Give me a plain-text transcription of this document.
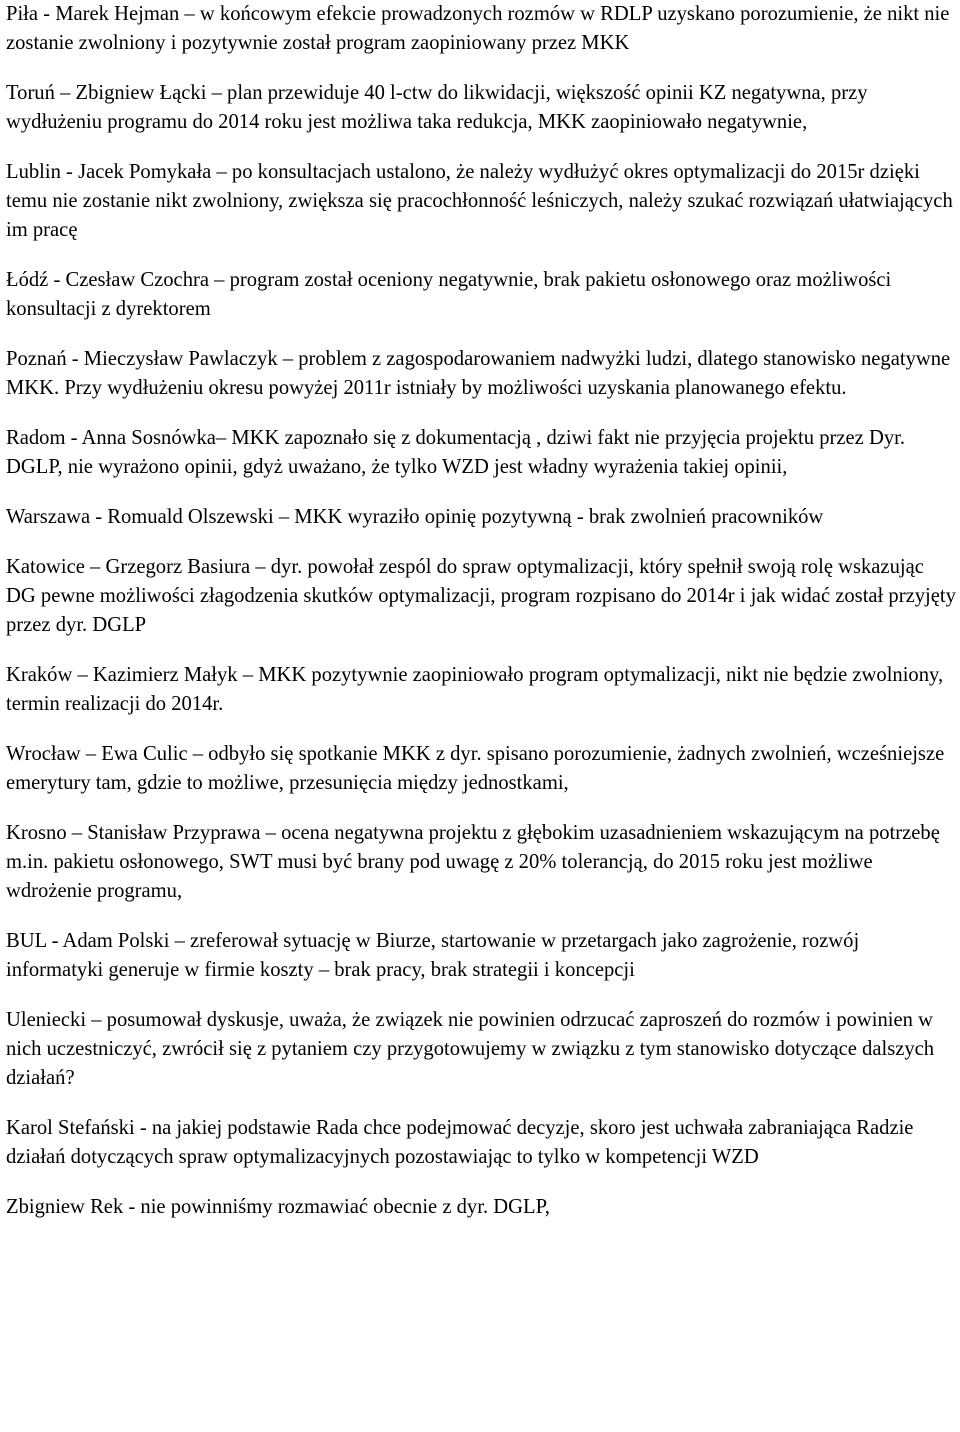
Piła - Marek Hejman – w końcowym efekcie prowadzonych rozmów w RDLP uzyskano porozumienie, że nikt nie zostanie zwolniony i pozytywnie został program zaopiniowany przez MKK

Toruń – Zbigniew Łącki – plan przewiduje 40 l-ctw do likwidacji, większość opinii KZ negatywna, przy wydłużeniu programu do 2014 roku jest możliwa taka redukcja, MKK zaopiniowało negatywnie,

Lublin - Jacek Pomykała – po konsultacjach ustalono, że należy wydłużyć okres optymalizacji do 2015r dzięki temu nie zostanie nikt zwolniony, zwiększa się pracochłonność leśniczych, należy szukać rozwiązań ułatwiających im pracę

Łódź - Czesław Czochra – program został oceniony negatywnie, brak pakietu osłonowego oraz możliwości konsultacji z dyrektorem

Poznań - Mieczysław Pawlaczyk – problem z zagospodarowaniem nadwyżki ludzi, dlatego stanowisko negatywne MKK. Przy wydłużeniu okresu powyżej 2011r istniały by możliwości uzyskania planowanego efektu.

Radom - Anna Sosnówka– MKK zapoznało się z dokumentacją , dziwi fakt nie przyjęcia projektu przez Dyr. DGLP, nie wyrażono opinii, gdyż uważano, że tylko WZD jest władny wyrażenia takiej opinii,

Warszawa - Romuald Olszewski – MKK wyraziło opinię pozytywną - brak zwolnień pracowników

Katowice – Grzegorz Basiura – dyr. powołał zespól do spraw optymalizacji, który spełnił swoją rolę wskazując DG pewne możliwości złagodzenia skutków optymalizacji, program rozpisano do 2014r i jak widać został przyjęty przez dyr. DGLP

Kraków – Kazimierz Małyk – MKK pozytywnie zaopiniowało program optymalizacji, nikt nie będzie zwolniony, termin realizacji do 2014r.

Wrocław – Ewa Culic – odbyło się spotkanie MKK z dyr. spisano porozumienie, żadnych zwolnień, wcześniejsze emerytury tam, gdzie to możliwe, przesunięcia między jednostkami,

Krosno – Stanisław Przyprawa – ocena negatywna projektu z głębokim uzasadnieniem wskazującym na potrzebę m.in. pakietu osłonowego, SWT musi być brany pod uwagę z 20% tolerancją, do 2015 roku jest możliwe wdrożenie programu,

BUL - Adam Polski – zreferował sytuację w Biurze, startowanie w przetargach jako zagrożenie, rozwój informatyki generuje w firmie koszty – brak pracy, brak strategii i koncepcji

Uleniecki – posumował dyskusje, uważa, że związek nie powinien odrzucać zaproszeń do rozmów i powinien w nich uczestniczyć, zwrócił się z pytaniem czy przygotowujemy w związku z tym stanowisko dotyczące dalszych działań?

Karol Stefański - na jakiej podstawie Rada chce podejmować decyzje, skoro jest uchwała zabraniająca Radzie działań dotyczących spraw optymalizacyjnych pozostawiając to tylko w kompetencji WZD

Zbigniew Rek - nie powinniśmy rozmawiać obecnie z dyr. DGLP,
